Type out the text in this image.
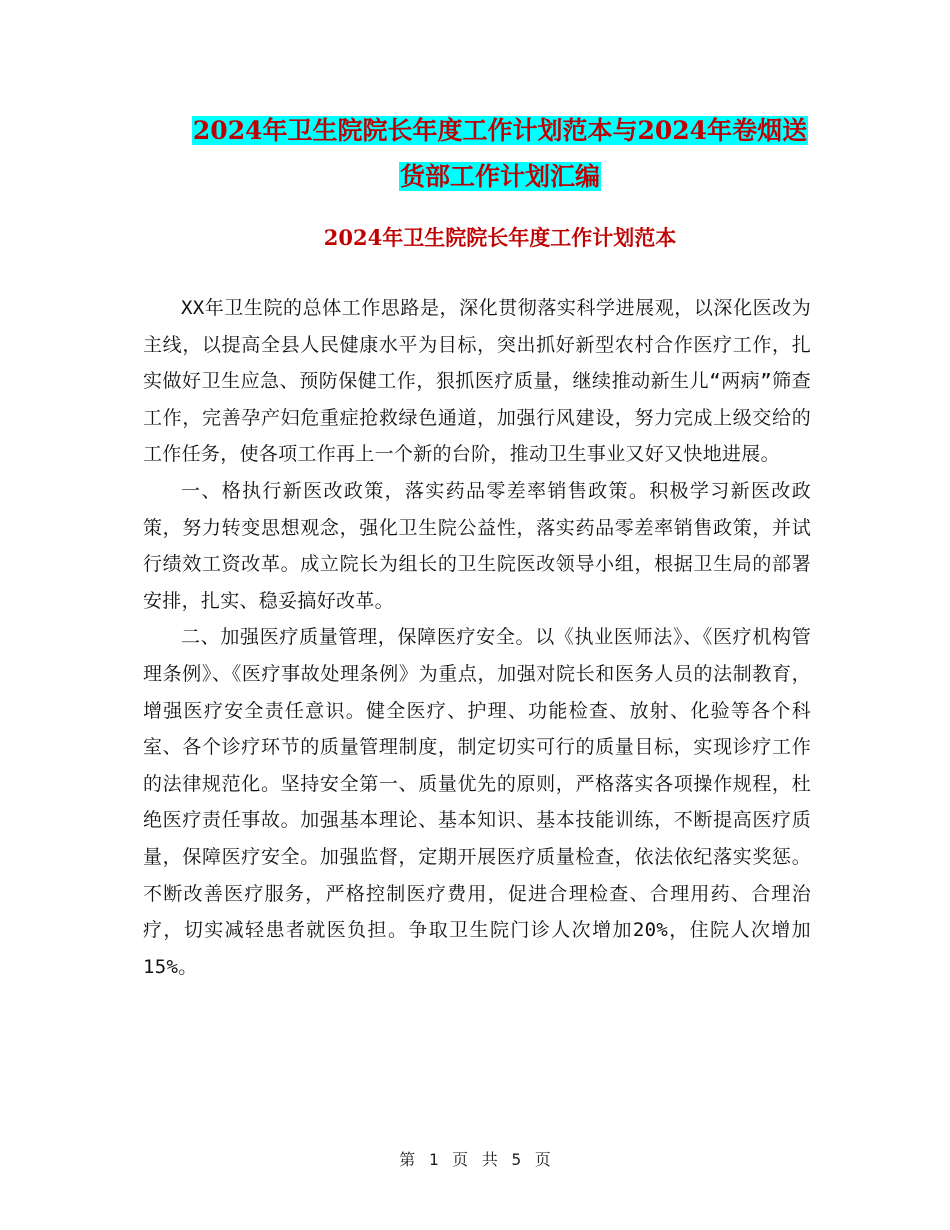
2024年卫生院院长年度工作计划范本与2024年卷烟送
货部工作计划汇编
2024年卫生院院长年度工作计划范本

XX年卫生院的总体工作思路是，深化贯彻落实科学进展观，以深化医改为主线，以提高全县人民健康水平为目标，突出抓好新型农村合作医疗工作，扎实做好卫生应急、预防保健工作，狠抓医疗质量，继续推动新生儿“两病”筛查工作，完善孕产妇危重症抢救绿色通道，加强行风建设，努力完成上级交给的工作任务，使各项工作再上一个新的台阶，推动卫生事业又好又快地进展。

一、格执行新医改政策，落实药品零差率销售政策。积极学习新医改政策，努力转变思想观念，强化卫生院公益性，落实药品零差率销售政策，并试行绩效工资改革。成立院长为组长的卫生院医改领导小组，根据卫生局的部署安排，扎实、稳妥搞好改革。

二、加强医疗质量管理，保障医疗安全。以《执业医师法》、《医疗机构管理条例》、《医疗事故处理条例》为重点，加强对院长和医务人员的法制教育，增强医疗安全责任意识。健全医疗、护理、功能检查、放射、化验等各个科室、各个诊疗环节的质量管理制度，制定切实可行的质量目标，实现诊疗工作的法律规范化。坚持安全第一、质量优先的原则，严格落实各项操作规程，杜绝医疗责任事故。加强基本理论、基本知识、基本技能训练，不断提高医疗质量，保障医疗安全。加强监督，定期开展医疗质量检查，依法依纪落实奖惩。不断改善医疗服务，严格控制医疗费用，促进合理检查、合理用药、合理治疗，切实减轻患者就医负担。争取卫生院门诊人次增加20%，住院人次增加15%。

第 1 页 共 5 页
